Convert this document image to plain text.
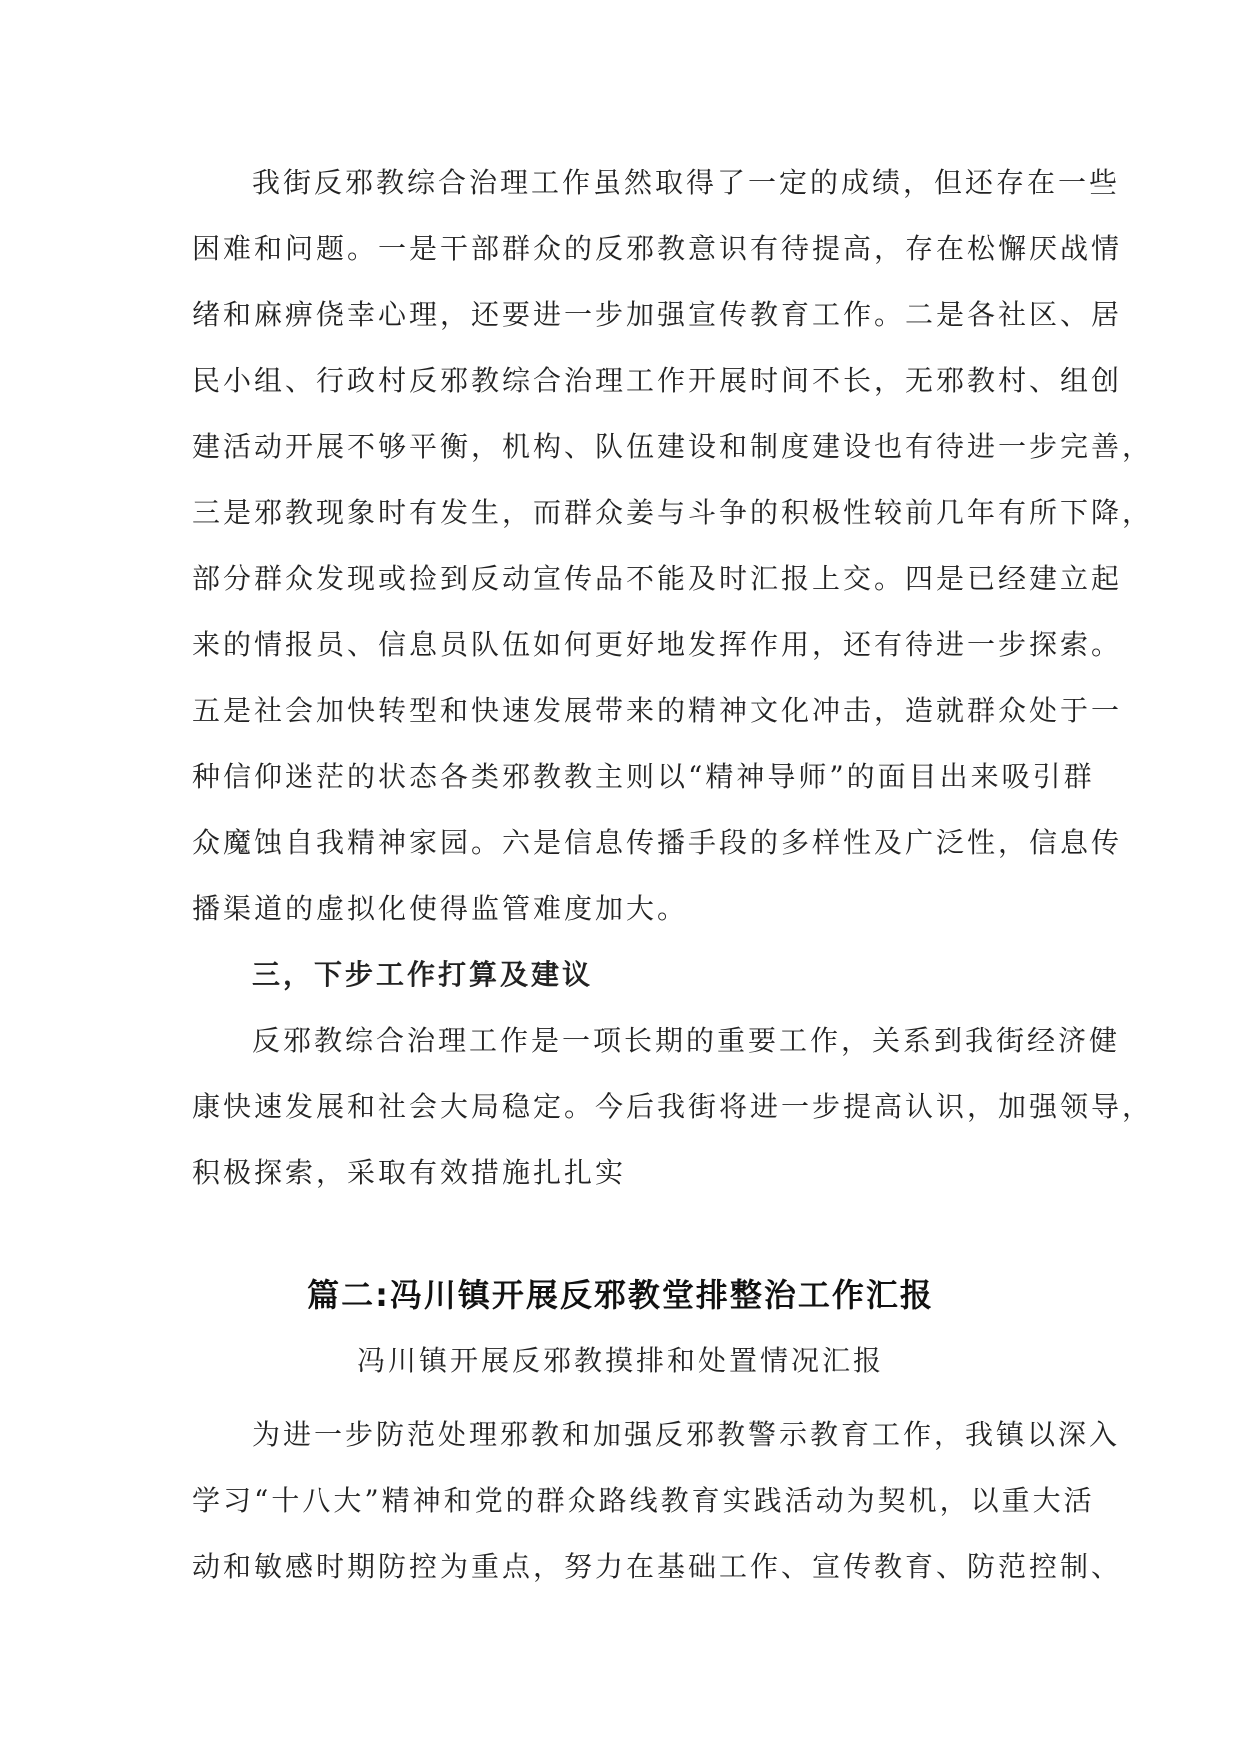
我街反邪教综合治理工作虽然取得了一定的成绩，但还存在一些
困难和问题。一是干部群众的反邪教意识有待提高，存在松懈厌战情
绪和麻痹侥幸心理，还要进一步加强宣传教育工作。二是各社区、居
民小组、行政村反邪教综合治理工作开展时间不长，无邪教村、组创
建活动开展不够平衡，机构、队伍建设和制度建设也有待进一步完善，
三是邪教现象时有发生，而群众姜与斗争的积极性较前几年有所下降，
部分群众发现或捡到反动宣传品不能及时汇报上交。四是已经建立起
来的情报员、信息员队伍如何更好地发挥作用，还有待进一步探索。
五是社会加快转型和快速发展带来的精神文化冲击，造就群众处于一
种信仰迷茫的状态各类邪教教主则以“精神导师”的面目出来吸引群
众魔蚀自我精神家园。六是信息传播手段的多样性及广泛性，信息传
播渠道的虚拟化使得监管难度加大。
三，下步工作打算及建议
反邪教综合治理工作是一项长期的重要工作，关系到我街经济健
康快速发展和社会大局稳定。今后我街将进一步提高认识，加强领导，
积极探索，采取有效措施扎扎实
篇二:冯川镇开展反邪教堂排整治工作汇报
冯川镇开展反邪教摸排和处置情况汇报
为进一步防范处理邪教和加强反邪教警示教育工作，我镇以深入
学习“十八大”精神和党的群众路线教育实践活动为契机，以重大活
动和敏感时期防控为重点，努力在基础工作、宣传教育、防范控制、
